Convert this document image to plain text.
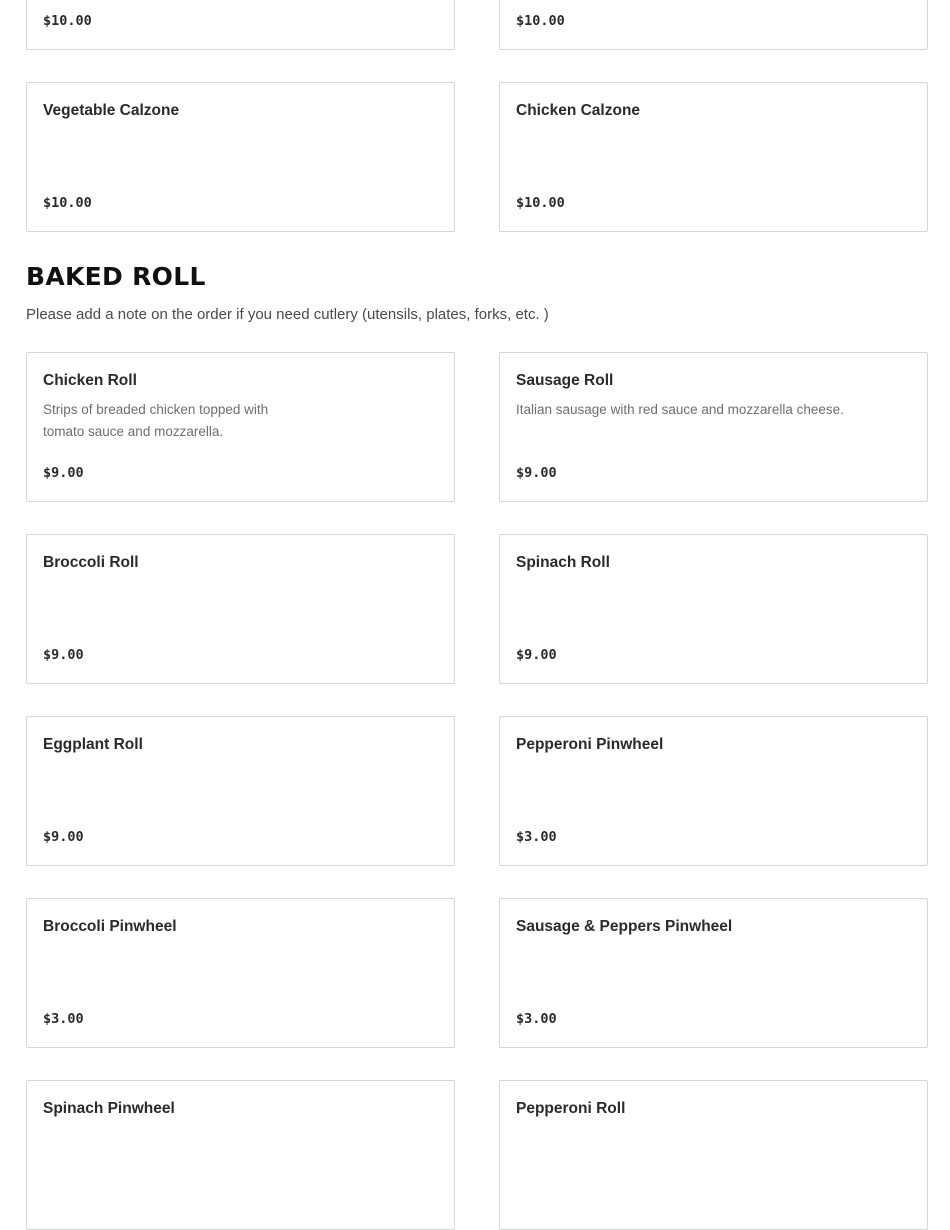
$10.00	$10.00
Vegetable Calzone
$10.00
Chicken Calzone
$10.00
BAKED ROLL
Please add a note on the order if you need cutlery (utensils, plates, forks, etc. )
Chicken Roll
Strips of breaded chicken topped with tomato sauce and mozzarella.
$9.00
Sausage Roll
Italian sausage with red sauce and mozzarella cheese.
$9.00
Broccoli Roll
$9.00
Spinach Roll
$9.00
Eggplant Roll
$9.00
Pepperoni Pinwheel
$3.00
Broccoli Pinwheel
$3.00
Sausage & Peppers Pinwheel
$3.00
Spinach Pinwheel	Pepperoni Roll
